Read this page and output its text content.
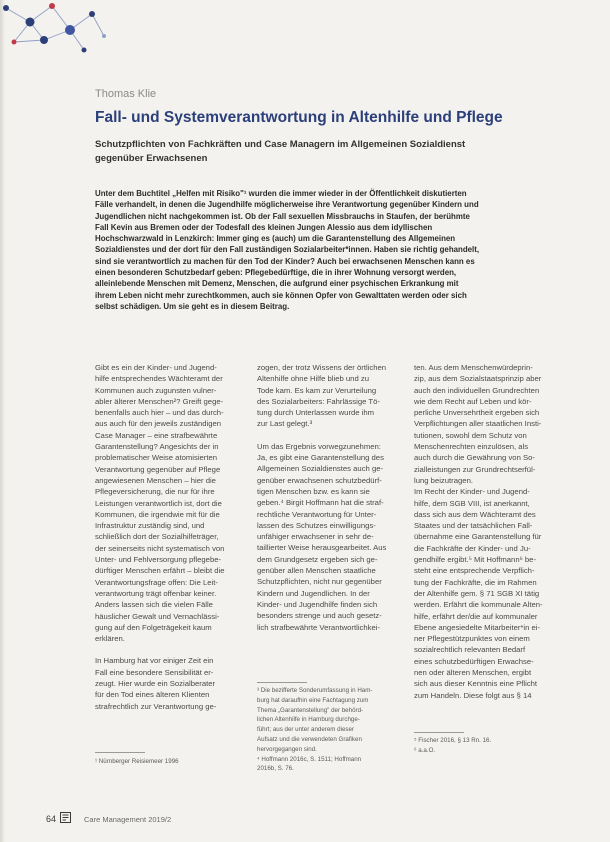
Thomas Klie
Fall- und Systemverantwortung in Altenhilfe und Pflege
Schutzpflichten von Fachkräften und Case Managern im Allgemeinen Sozialdienst
gegenüber Erwachsenen
Unter dem Buchtitel „Helfen mit Risiko"¹ wurden die immer wieder in der Öffentlichkeit diskutierten
Fälle verhandelt, in denen die Jugendhilfe möglicherweise ihre Verantwortung gegenüber Kindern und
Jugendlichen nicht nachgekommen ist. Ob der Fall sexuellen Missbrauchs in Staufen, der berühmte
Fall Kevin aus Bremen oder der Todesfall des kleinen Jungen Alessio aus dem idyllischen
Hochschwarzwald in Lenzkirch: Immer ging es (auch) um die Garantenstellung des Allgemeinen
Sozialdienstes und der dort für den Fall zuständigen Sozialarbeiter*innen. Haben sie richtig gehandelt,
sind sie verantwortlich zu machen für den Tod der Kinder? Auch bei erwachsenen Menschen kann es
einen besonderen Schutzbedarf geben: Pflegebedürftige, die in ihrer Wohnung versorgt werden,
alleinlebende Menschen mit Demenz, Menschen, die aufgrund einer psychischen Erkrankung mit
ihrem Leben nicht mehr zurechtkommen, auch sie können Opfer von Gewalttaten werden oder sich
selbst schädigen. Um sie geht es in diesem Beitrag.
Gibt es ein der Kinder- und Jugend-
hilfe entsprechendes Wächteramt der
Kommunen auch zugunsten vulner-
abler älterer Menschen²? Greift gege-
benenfalls auch hier – und das durch-
aus auch für den jeweils zuständigen
Case Manager – eine strafbewährte
Garantenstellung? Angesichts der in
problematischer Weise atomisierten
Verantwortung gegenüber auf Pflege
angewiesenen Menschen – hier die
Pflegeversicherung, die nur für ihre
Leistungen verantwortlich ist, dort die
Kommunen, die irgendwie mit für die
Infrastruktur zuständig sind, und
schließlich dort der Sozialhilfeträger,
der seinerseits nicht systematisch von
Unter- und Fehlversorgung pflegebe-
dürftiger Menschen erfährt – bleibt die
Verantwortungsfrage offen: Die Leit-
verantwortung trägt offenbar keiner.
Anders lassen sich die vielen Fälle
häuslicher Gewalt und Vernachlässi-
gung auf den Folgeträgekeit kaum
erklären.
In Hamburg hat vor einiger Zeit ein
Fall eine besondere Sensibilität er-
zeugt. Hier wurde ein Sozialberater
für den Tod eines älteren Klienten
strafrechtlich zur Verantwortung ge-
zogen, der trotz Wissens der örtlichen
Altenhilfe ohne Hilfe blieb und zu
Tode kam. Es kam zur Verurteilung
des Sozialarbeiters: Fahrlässige Tö-
tung durch Unterlassen wurde ihm
zur Last gelegt.³
Um das Ergebnis vorwegzunehmen:
Ja, es gibt eine Garantenstellung des
Allgemeinen Sozialdienstes auch ge-
genüber erwachsenen schutzbedürf-
tigen Menschen bzw. es kann sie
geben.⁴ Birgit Hoffmann hat die straf-
rechtliche Verantwortung für Unter-
lassen des Schutzes einwilligungs-
unfähiger erwachsener in sehr de-
taillierter Weise herausgearbeitet. Aus
dem Grundgesetz ergeben sich ge-
genüber allen Menschen staatliche
Schutzpflichten, nicht nur gegenüber
Kindern und Jugendlichen. In der
Kinder- und Jugendhilfe finden sich
besonders strenge und auch gesetz-
lich strafbewährte Verantwortlichkei-
ten. Aus dem Menschenwürdeprin-
zip, aus dem Sozialstaatsprinzip aber
auch den individuellen Grundrechten
wie dem Recht auf Leben und kör-
perliche Unversehrtheit ergeben sich
Verpflichtungen aller staatlichen Insti-
tutionen, sowohl dem Schutz von
Menschenrechten einzulösen, als
auch durch die Gewährung von So-
zialleistungen zur Grundrechtserfül-
lung beizutragen.
Im Recht der Kinder- und Jugend-
hilfe, dem SGB VIII, ist anerkannt,
dass sich aus dem Wächteramt des
Staates und der tatsächlichen Fall-
übernahme eine Garantenstellung für
die Fachkräfte der Kinder- und Ju-
gendhilfe ergibt.⁵ Mit Hoffmann⁶ be-
steht eine entsprechende Verpflich-
tung der Fachkräfte, die im Rahmen
der Altenhilfe gem. § 71 SGB XI tätig
werden. Erfährt die kommunale Alten-
hilfe, erfährt der/die auf kommunaler
Ebene angesiedelte Mitarbeiter*in ei-
ner Pflegestützpunktes von einem
sozialrechtlich relevanten Bedarf
eines schutzbedürftigen Erwachse-
nen oder älteren Menschen, ergibt
sich aus dieser Kenntnis eine Pflicht
zum Handeln. Diese folgt aus § 14
¹ Nürnberger Reisiemeer 1996
³ Die bezifferte Sonderumfassung in Ham-
burg hat daraufhin eine Fachtagung zum
Thema „Garantenstellung" der behörd-
lichen Altenhilfe in Hamburg durchge-
führt; aus der unter anderem dieser
Aufsatz und die verwendeten Grafiken
hervorgegangen sind.
⁴ Hoffmann 2016c, S. 1511; Hoffmann
2016b, S. 76.
⁵ Fischer 2016, § 13 Rn. 16.
⁶ a.a.O.
64	Care Management 2019/2
